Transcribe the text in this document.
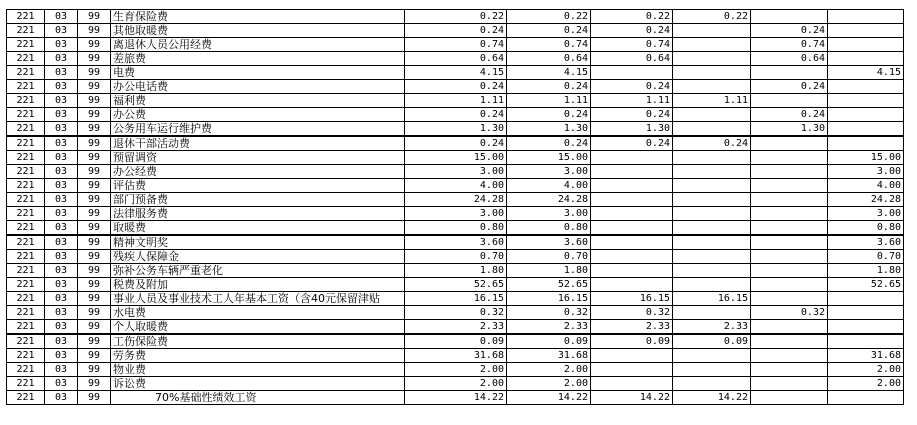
221	03	99	生育保险费	0.22	0.22	0.22	0.22		
221	03	99	其他取暖费	0.24	0.24	0.24		0.24	
221	03	99	离退休人员公用经费	0.74	0.74	0.74		0.74	
221	03	99	差旅费	0.64	0.64	0.64		0.64	
221	03	99	电费	4.15	4.15				4.15
221	03	99	办公电话费	0.24	0.24	0.24		0.24	
221	03	99	福利费	1.11	1.11	1.11	1.11		
221	03	99	办公费	0.24	0.24	0.24		0.24	
221	03	99	公务用车运行维护费	1.30	1.30	1.30		1.30	
221	03	99	退休干部活动费	0.24	0.24	0.24	0.24		
221	03	99	预留调资	15.00	15.00				15.00
221	03	99	办公经费	3.00	3.00				3.00
221	03	99	评估费	4.00	4.00				4.00
221	03	99	部门预备费	24.28	24.28				24.28
221	03	99	法律服务费	3.00	3.00				3.00
221	03	99	取暖费	0.80	0.80				0.80
221	03	99	精神文明奖	3.60	3.60				3.60
221	03	99	残疾人保障金	0.70	0.70				0.70
221	03	99	弥补公务车辆严重老化	1.80	1.80				1.80
221	03	99	税费及附加	52.65	52.65				52.65
221	03	99	事业人员及事业技术工人年基本工资（含40元保留津贴	16.15	16.15	16.15	16.15		
221	03	99	水电费	0.32	0.32	0.32		0.32	
221	03	99	个人取暖费	2.33	2.33	2.33	2.33		
221	03	99	工伤保险费	0.09	0.09	0.09	0.09		
221	03	99	劳务费	31.68	31.68				31.68
221	03	99	物业费	2.00	2.00				2.00
221	03	99	诉讼费	2.00	2.00				2.00
221	03	99	70%基础性绩效工资	14.22	14.22	14.22	14.22		
